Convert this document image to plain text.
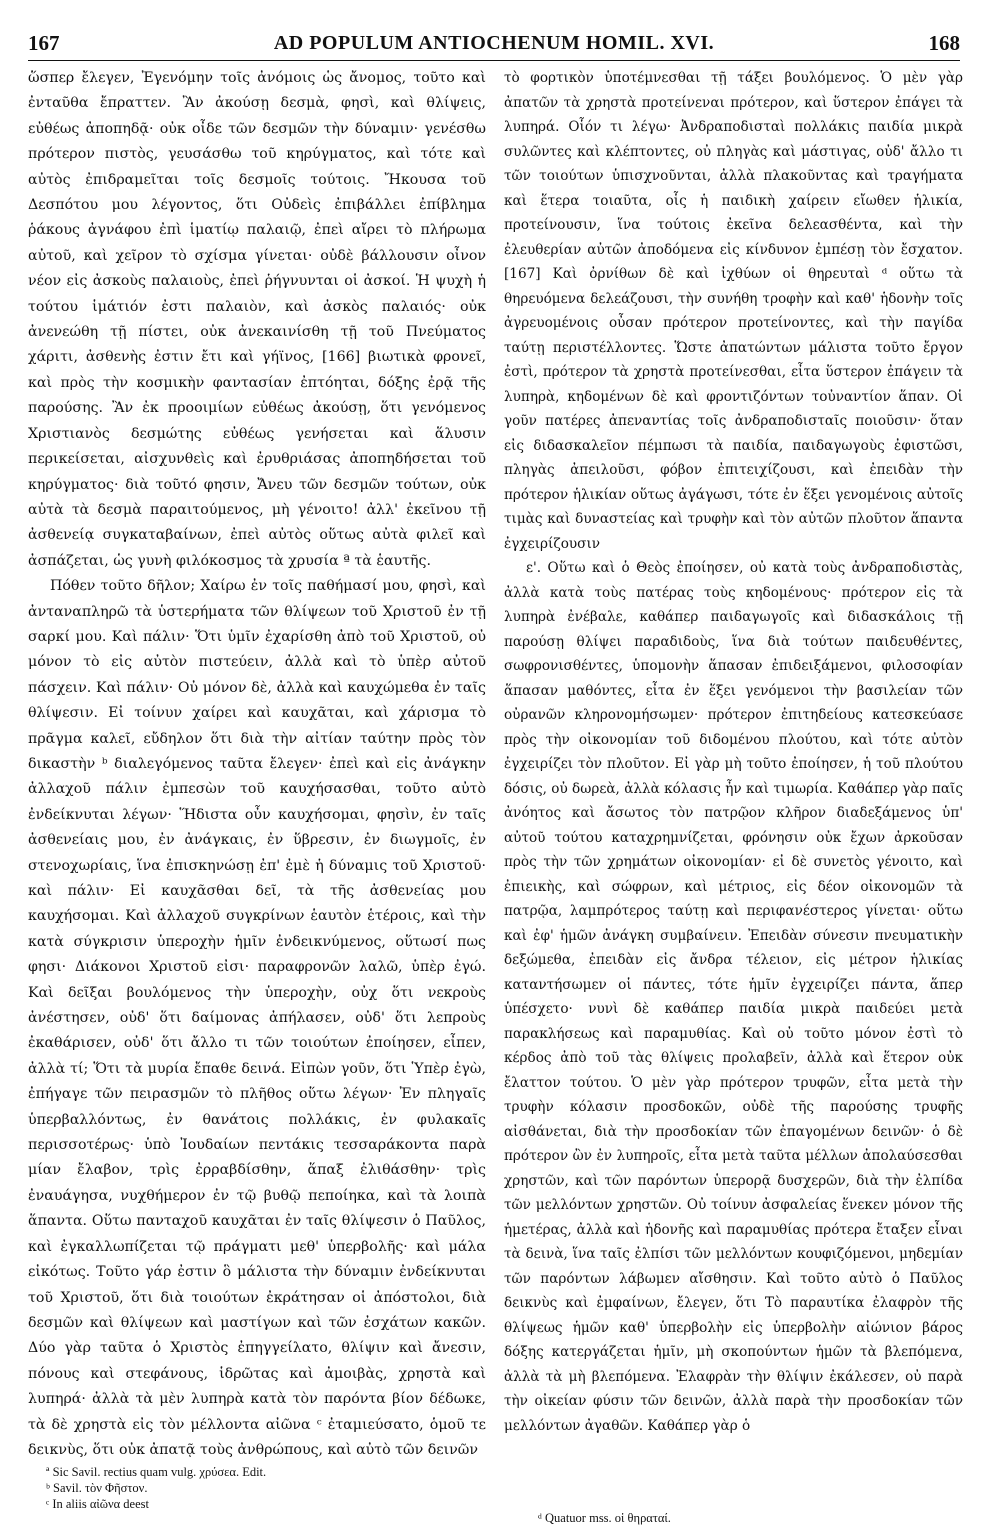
167	AD POPULUM ANTIOCHENUM HOMIL. XVI.	168

ὥσπερ ἔλεγεν, Ἐγενόμην τοῖς ἀνόμοις ὡς ἄνομος, τοῦτο καὶ ἐνταῦθα ἔπραττεν. Ἂν ἀκούσῃ δεσμὰ, φησὶ, καὶ θλίψεις, εὐθέως ἀποπηδᾷ· οὐκ οἶδε τῶν δεσμῶν τὴν δύναμιν· γενέσθω πρότερον πιστὸς, γευσάσθω τοῦ κηρύγματος, καὶ τότε καὶ αὐτὸς ἐπιδραμεῖται τοῖς δεσμοῖς τούτοις. Ἤκουσα τοῦ Δεσπότου μου λέγοντος, ὅτι Οὐδεὶς ἐπιβάλλει ἐπίβλημα ῥάκους ἀγνάφου ἐπὶ ἱματίῳ παλαιῷ, ἐπεὶ αἴρει τὸ πλήρωμα αὐτοῦ, καὶ χεῖρον τὸ σχίσμα γίνεται· οὐδὲ βάλλουσιν οἶνον νέον εἰς ἀσκοὺς παλαιοὺς, ἐπεὶ ῥήγνυνται οἱ ἀσκοί. Ἡ ψυχὴ ἡ τούτου ἱμάτιόν ἐστι παλαιὸν, καὶ ἀσκὸς παλαιός· οὐκ ἀνενεώθη τῇ πίστει, οὐκ ἀνεκαινίσθη τῇ τοῦ Πνεύματος χάριτι, ἀσθενὴς ἐστιν ἔτι καὶ γήϊνος, [166] βιωτικὰ φρονεῖ, καὶ πρὸς τὴν κοσμικὴν φαντασίαν ἐπτόηται, δόξης ἐρᾷ τῆς παρούσης. Ἂν ἐκ προοιμίων εὐθέως ἀκούσῃ, ὅτι γενόμενος Χριστιανὸς δεσμώτης εὐθέως γενήσεται καὶ ἅλυσιν περικείσεται, αἰσχυνθεὶς καὶ ἐρυθριάσας ἀποπηδήσεται τοῦ κηρύγματος· διὰ τοῦτό φησιν, Ἄνευ τῶν δεσμῶν τούτων, οὐκ αὐτὰ τὰ δεσμὰ παραιτούμενος, μὴ γένοιτο! ἀλλ' ἐκεῖνου τῇ ἀσθενείᾳ συγκαταβαίνων, ἐπεὶ αὐτὸς οὕτως αὐτὰ φιλεῖ καὶ ἀσπάζεται, ὡς γυνὴ φιλόκοσμος τὰ χρυσία ª τὰ ἑαυτῆς.

Πόθεν τοῦτο δῆλον; Χαίρω ἐν τοῖς παθήμασί μου, φησὶ, καὶ ἀνταναπληρῶ τὰ ὑστερήματα τῶν θλίψεων τοῦ Χριστοῦ ἐν τῇ σαρκί μου. Καὶ πάλιν· Ὅτι ὑμῖν ἐχαρίσθη ἀπὸ τοῦ Χριστοῦ, οὐ μόνον τὸ εἰς αὐτὸν πιστεύειν, ἀλλὰ καὶ τὸ ὑπὲρ αὐτοῦ πάσχειν. Καὶ πάλιν· Οὐ μόνον δὲ, ἀλλὰ καὶ καυχώμεθα ἐν ταῖς θλίψεσιν. Εἰ τοίνυν χαίρει καὶ καυχᾶται, καὶ χάρισμα τὸ πρᾶγμα καλεῖ, εὔδηλον ὅτι διὰ τὴν αἰτίαν ταύτην πρὸς τὸν δικαστὴν ᵇ διαλεγόμενος ταῦτα ἔλεγεν· ἐπεὶ καὶ εἰς ἀνάγκην ἀλλαχοῦ πάλιν ἐμπεσὼν τοῦ καυχήσασθαι, τοῦτο αὐτὸ ἐνδείκνυται λέγων· Ἥδιστα οὖν καυχήσομαι, φησὶν, ἐν ταῖς ἀσθενείαις μου, ἐν ἀνάγκαις, ἐν ὕβρεσιν, ἐν διωγμοῖς, ἐν στενοχωρίαις, ἵνα ἐπισκηνώσῃ ἐπ' ἐμὲ ἡ δύναμις τοῦ Χριστοῦ· καὶ πάλιν· Εἰ καυχᾶσθαι δεῖ, τὰ τῆς ἀσθενείας μου καυχήσομαι. Καὶ ἀλλαχοῦ συγκρίνων ἑαυτὸν ἑτέροις, καὶ τὴν κατὰ σύγκρισιν ὑπεροχὴν ἡμῖν ἐνδεικνύμενος, οὕτωσί πως φησι· Διάκονοι Χριστοῦ εἰσι· παραφρονῶν λαλῶ, ὑπὲρ ἐγώ. Καὶ δεῖξαι βουλόμενος τὴν ὑπεροχὴν, οὐχ ὅτι νεκροὺς ἀνέστησεν, οὐδ' ὅτι δαίμονας ἀπήλασεν, οὐδ' ὅτι λεπροὺς ἐκαθάρισεν, οὐδ' ὅτι ἄλλο τι τῶν τοιούτων ἐποίησεν, εἶπεν, ἀλλὰ τί; Ὅτι τὰ μυρία ἔπαθε δεινά. Εἰπὼν γοῦν, ὅτι Ὑπὲρ ἐγὼ, ἐπήγαγε τῶν πειρασμῶν τὸ πλῆθος οὕτω λέγων· Ἐν πληγαῖς ὑπερβαλλόντως, ἐν θανάτοις πολλάκις, ἐν φυλακαῖς περισσοτέρως· ὑπὸ Ἰουδαίων πεντάκις τεσσαράκοντα παρὰ μίαν ἔλαβον, τρὶς ἐρραβδίσθην, ἅπαξ ἐλιθάσθην· τρὶς ἐναυάγησα, νυχθήμερον ἐν τῷ βυθῷ πεποίηκα, καὶ τὰ λοιπὰ ἅπαντα. Οὕτω πανταχοῦ καυχᾶται ἐν ταῖς θλίψεσιν ὁ Παῦλος, καὶ ἐγκαλλωπίζεται τῷ πράγματι μεθ' ὑπερβολῆς· καὶ μάλα εἰκότως. Τοῦτο γάρ ἐστιν ὃ μάλιστα τὴν δύναμιν ἐνδείκνυται τοῦ Χριστοῦ, ὅτι διὰ τοιούτων ἐκράτησαν οἱ ἀπόστολοι, διὰ δεσμῶν καὶ θλίψεων καὶ μαστίγων καὶ τῶν ἐσχάτων κακῶν. Δύο γὰρ ταῦτα ὁ Χριστὸς ἐπηγγείλατο, θλίψιν καὶ ἄνεσιν, πόνους καὶ στεφάνους, ἱδρῶτας καὶ ἀμοιβὰς, χρηστὰ καὶ λυπηρά· ἀλλὰ τὰ μὲν λυπηρὰ κατὰ τὸν παρόντα βίον δέδωκε, τὰ δὲ χρηστὰ εἰς τὸν μέλλοντα αἰῶνα ᶜ ἐταμιεύσατο, ὁμοῦ τε δεικνὺς, ὅτι οὐκ ἀπατᾷ τοὺς ἀνθρώπους, καὶ αὐτὸ τῶν δεινῶν

τὸ φορτικὸν ὑποτέμνεσθαι τῇ τάξει βουλόμενος. Ὁ μὲν γὰρ ἀπατῶν τὰ χρηστὰ προτείνεναι πρότερον, καὶ ὕστερον ἐπάγει τὰ λυπηρά. Οἷόν τι λέγω· Ἀνδραποδισταὶ πολλάκις παιδία μικρὰ συλῶντες καὶ κλέπτοντες, οὐ πληγὰς καὶ μάστιγας, οὐδ' ἄλλο τι τῶν τοιούτων ὑπισχνοῦνται, ἀλλὰ πλακοῦντας καὶ τραγήματα καὶ ἕτερα τοιαῦτα, οἷς ἡ παιδικὴ χαίρειν εἴωθεν ἡλικία, προτείνουσιν, ἵνα τούτοις ἐκεῖνα δελεασθέντα, καὶ τὴν ἐλευθερίαν αὐτῶν ἀποδόμενα εἰς κίνδυνον ἐμπέσῃ τὸν ἔσχατον. [167] Καὶ ὀρνίθων δὲ καὶ ἰχθύων οἱ θηρευταὶ ᵈ οὕτω τὰ θηρευόμενα δελεάζουσι, τὴν συνήθη τροφὴν καὶ καθ' ἡδονὴν τοῖς ἀγρευομένοις οὖσαν πρότερον προτείνοντες, καὶ τὴν παγίδα ταύτῃ περιστέλλοντες. Ὥστε ἀπατώντων μάλιστα τοῦτο ἔργον ἐστὶ, πρότερον τὰ χρηστὰ προτείνεσθαι, εἶτα ὕστερον ἐπάγειν τὰ λυπηρὰ, κηδομένων δὲ καὶ φροντιζόντων τοὐναντίον ἅπαν. Οἱ γοῦν πατέρες ἀπεναντίας τοῖς ἀνδραποδισταῖς ποιοῦσιν· ὅταν εἰς διδασκαλεῖον πέμπωσι τὰ παιδία, παιδαγωγοὺς ἐφιστῶσι, πληγὰς ἀπειλοῦσι, φόβον ἐπιτειχίζουσι, καὶ ἐπειδὰν τὴν πρότερον ἡλικίαν οὕτως ἀγάγωσι, τότε ἐν ἕξει γενομένοις αὐτοῖς τιμὰς καὶ δυναστείας καὶ τρυφὴν καὶ τὸν αὐτῶν πλοῦτον ἅπαντα ἐγχειρίζουσιν

ε'. Οὕτω καὶ ὁ Θεὸς ἐποίησεν, οὐ κατὰ τοὺς ἀνδραποδιστὰς, ἀλλὰ κατὰ τοὺς πατέρας τοὺς κηδομένους· πρότερον εἰς τὰ λυπηρὰ ἐνέβαλε, καθάπερ παιδαγωγοῖς καὶ διδασκάλοις τῇ παρούσῃ θλίψει παραδιδοὺς, ἵνα διὰ τούτων παιδευθέντες, σωφρονισθέντες, ὑπομονὴν ἅπασαν ἐπιδειξάμενοι, φιλοσοφίαν ἅπασαν μαθόντες, εἶτα ἐν ἕξει γενόμενοι τὴν βασιλείαν τῶν οὐρανῶν κληρονομήσωμεν· πρότερον ἐπιτηδείους κατεσκεύασε πρὸς τὴν οἰκονομίαν τοῦ διδομένου πλούτου, καὶ τότε αὐτὸν ἐγχειρίζει τὸν πλοῦτον. Εἰ γὰρ μὴ τοῦτο ἐποίησεν, ἡ τοῦ πλούτου δόσις, οὐ δωρεὰ, ἀλλὰ κόλασις ἦν καὶ τιμωρία. Καθάπερ γὰρ παῖς ἀνόητος καὶ ἄσωτος τὸν πατρῷον κλῆρον διαδεξάμενος ὑπ' αὐτοῦ τούτου καταχρημνίζεται, φρόνησιν οὐκ ἔχων ἀρκοῦσαν πρὸς τὴν τῶν χρημάτων οἰκονομίαν· εἰ δὲ συνετὸς γένοιτο, καὶ ἐπιεικὴς, καὶ σώφρων, καὶ μέτριος, εἰς δέον οἰκονομῶν τὰ πατρῷα, λαμπρότερος ταύτῃ καὶ περιφανέστερος γίνεται· οὕτω καὶ ἐφ' ἡμῶν ἀνάγκη συμβαίνειν. Ἐπειδὰν σύνεσιν πνευματικὴν δεξώμεθα, ἐπειδὰν εἰς ἄνδρα τέλειον, εἰς μέτρον ἡλικίας καταντήσωμεν οἱ πάντες, τότε ἡμῖν ἐγχειρίζει πάντα, ἅπερ ὑπέσχετο· νυνὶ δὲ καθάπερ παιδία μικρὰ παιδεύει μετὰ παρακλήσεως καὶ παραμυθίας. Καὶ οὐ τοῦτο μόνον ἐστὶ τὸ κέρδος ἀπὸ τοῦ τὰς θλίψεις προλαβεῖν, ἀλλὰ καὶ ἕτερον οὐκ ἔλαττον τούτου. Ὁ μὲν γὰρ πρότερον τρυφῶν, εἶτα μετὰ τὴν τρυφὴν κόλασιν προσδοκῶν, οὐδὲ τῆς παρούσης τρυφῆς αἰσθάνεται, διὰ τὴν προσδοκίαν τῶν ἐπαγομένων δεινῶν· ὁ δὲ πρότερον ὢν ἐν λυπηροῖς, εἶτα μετὰ ταῦτα μέλλων ἀπολαύσεσθαι χρηστῶν, καὶ τῶν παρόντων ὑπερορᾷ δυσχερῶν, διὰ τὴν ἐλπίδα τῶν μελλόντων χρηστῶν. Οὐ τοίνυν ἀσφαλείας ἕνεκεν μόνον τῆς ἡμετέρας, ἀλλὰ καὶ ἡδονῆς καὶ παραμυθίας πρότερα ἔταξεν εἶναι τὰ δεινὰ, ἵνα ταῖς ἐλπίσι τῶν μελλόντων κουφιζόμενοι, μηδεμίαν τῶν παρόντων λάβωμεν αἴσθησιν. Καὶ τοῦτο αὐτὸ ὁ Παῦλος δεικνὺς καὶ ἐμφαίνων, ἔλεγεν, ὅτι Τὸ παραυτίκα ἐλαφρὸν τῆς θλίψεως ἡμῶν καθ' ὑπερβολὴν εἰς ὑπερβολὴν αἰώνιον βάρος δόξης κατεργάζεται ἡμῖν, μὴ σκοπούντων ἡμῶν τὰ βλεπόμενα, ἀλλὰ τὰ μὴ βλεπόμενα. Ἐλαφρὰν τὴν θλίψιν ἐκάλεσεν, οὐ παρὰ τὴν οἰκείαν φύσιν τῶν δεινῶν, ἀλλὰ παρὰ τὴν προσδοκίαν τῶν μελλόντων ἀγαθῶν. Καθάπερ γὰρ ὁ

ª Sic Savil. rectius quam vulg. χρύσεα. Edit.
ᵇ Savil. τὸν Φῆστον.
ᶜ In aliis αἰῶνα deest
ᵈ Quatuor mss. οἱ θηραταί.
